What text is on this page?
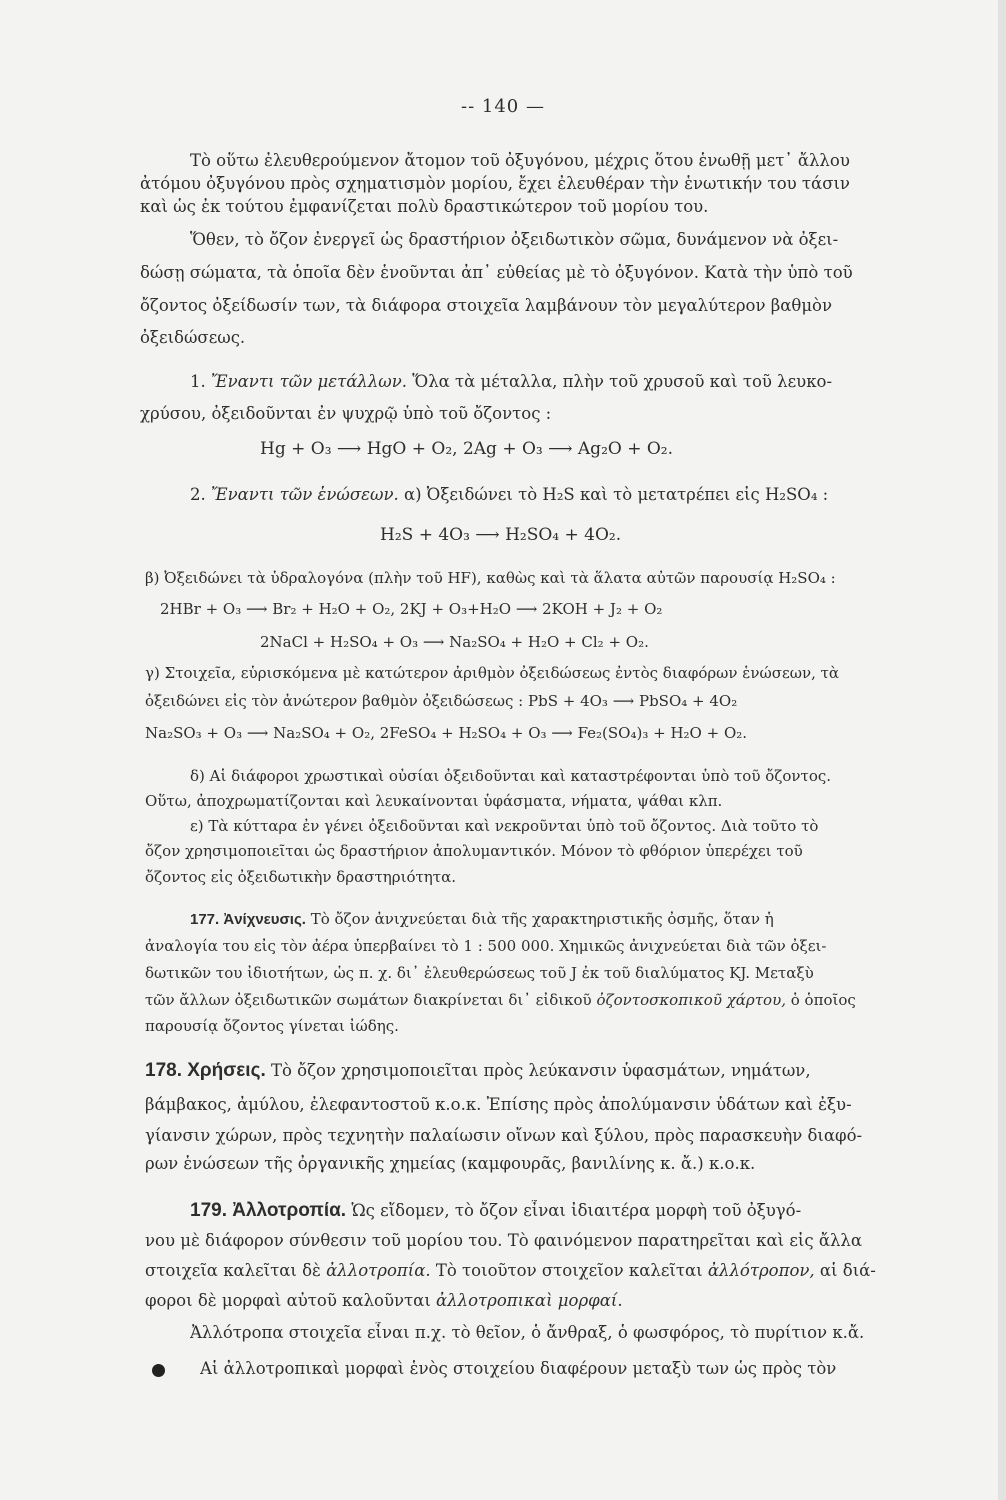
-- 140 —
Τὸ οὕτω ἐλευθερούμενον ἄτομον τοῦ ὀξυγόνου, μέχρις ὅτου ἑνωθῇ μετ᾽ ἄλλου
ἀτόμου ὀξυγόνου πρὸς σχηματισμὸν μορίου, ἔχει ἐλευθέραν τὴν ἑνωτικήν του τάσιν
καὶ ὡς ἐκ τούτου ἐμφανίζεται πολὺ δραστικώτερον τοῦ μορίου του.
Ὅθεν, τὸ ὄζον ἐνεργεῖ ὡς δραστήριον ὀξειδωτικὸν σῶμα, δυνάμενον νὰ ὀξει-
δώσῃ σώματα, τὰ ὁποῖα δὲν ἑνοῦνται ἀπ᾽ εὐθείας μὲ τὸ ὀξυγόνον. Κατὰ τὴν ὑπὸ τοῦ
ὄζοντος ὀξείδωσίν των, τὰ διάφορα στοιχεῖα λαμβάνουν τὸν μεγαλύτερον βαθμὸν
ὀξειδώσεως.
1. Ἔναντι τῶν μετάλλων. Ὅλα τὰ μέταλλα, πλὴν τοῦ χρυσοῦ καὶ τοῦ λευκο-
χρύσου, ὀξειδοῦνται ἐν ψυχρῷ ὑπὸ τοῦ ὄζοντος :
Hg + O₃ ⟶ HgO + O₂, 2Ag + O₃ ⟶ Ag₂O + O₂.
2. Ἔναντι τῶν ἑνώσεων. α) Ὀξειδώνει τὸ H₂S καὶ τὸ μετατρέπει εἰς H₂SO₄ :
H₂S + 4O₃ ⟶ H₂SO₄ + 4O₂.
β) Ὀξειδώνει τὰ ὑδραλογόνα (πλὴν τοῦ HF), καθὼς καὶ τὰ ἅλατα αὐτῶν παρουσίᾳ H₂SO₄ :
2HBr + O₃ ⟶ Br₂ + H₂O + O₂, 2KJ + O₃+H₂O ⟶ 2KOH + J₂ + O₂
2NaCl + H₂SO₄ + O₃ ⟶ Na₂SO₄ + H₂O + Cl₂ + O₂.
γ) Στοιχεῖα, εὑρισκόμενα μὲ κατώτερον ἀριθμὸν ὀξειδώσεως ἐντὸς διαφόρων ἑνώσεων, τὰ
ὀξειδώνει εἰς τὸν ἀνώτερον βαθμὸν ὀξειδώσεως : PbS + 4O₃ ⟶ PbSO₄ + 4O₂
Na₂SO₃ + O₃ ⟶ Na₂SO₄ + O₂, 2FeSO₄ + H₂SO₄ + O₃ ⟶ Fe₂(SO₄)₃ + H₂O + O₂.
δ) Αἱ διάφοροι χρωστικαὶ οὐσίαι ὀξειδοῦνται καὶ καταστρέφονται ὑπὸ τοῦ ὄζοντος.
Οὕτω, ἀποχρωματίζονται καὶ λευκαίνονται ὑφάσματα, νήματα, ψάθαι κλπ.
ε) Τὰ κύτταρα ἐν γένει ὀξειδοῦνται καὶ νεκροῦνται ὑπὸ τοῦ ὄζοντος. Διὰ τοῦτο τὸ
ὄζον χρησιμοποιεῖται ὡς δραστήριον ἀπολυμαντικόν. Μόνον τὸ φθόριον ὑπερέχει τοῦ
ὄζοντος εἰς ὀξειδωτικὴν δραστηριότητα.
177. Ἀνίχνευσις. Τὸ ὄζον ἀνιχνεύεται διὰ τῆς χαρακτηριστικῆς ὀσμῆς, ὅταν ἡ
ἀναλογία του εἰς τὸν ἀέρα ὑπερβαίνει τὸ 1 : 500 000. Χημικῶς ἀνιχνεύεται διὰ τῶν ὀξει-
δωτικῶν του ἰδιοτήτων, ὡς π. χ. δι᾽ ἐλευθερώσεως τοῦ J ἐκ τοῦ διαλύματος KJ. Μεταξὺ
τῶν ἄλλων ὀξειδωτικῶν σωμάτων διακρίνεται δι᾽ εἰδικοῦ ὀζοντοσκοπικοῦ χάρτου, ὁ ὁποῖος
παρουσίᾳ ὄζοντος γίνεται ἰώδης.
178. Χρήσεις. Τὸ ὄζον χρησιμοποιεῖται πρὸς λεύκανσιν ὑφασμάτων, νημάτων,
βάμβακος, ἀμύλου, ἐλεφαντοστοῦ κ.ο.κ. Ἐπίσης πρὸς ἀπολύμανσιν ὑδάτων καὶ ἐξυ-
γίανσιν χώρων, πρὸς τεχνητὴν παλαίωσιν οἴνων καὶ ξύλου, πρὸς παρασκευὴν διαφό-
ρων ἑνώσεων τῆς ὀργανικῆς χημείας (καμφουρᾶς, βανιλίνης κ. ἄ.) κ.ο.κ.
179. Ἀλλοτροπία. Ὡς εἴδομεν, τὸ ὄζον εἶναι ἰδιαιτέρα μορφὴ τοῦ ὀξυγό-
νου μὲ διάφορον σύνθεσιν τοῦ μορίου του. Τὸ φαινόμενον παρατηρεῖται καὶ εἰς ἄλλα
στοιχεῖα καλεῖται δὲ ἀλλοτροπία. Τὸ τοιοῦτον στοιχεῖον καλεῖται ἀλλότροπον, αἱ διά-
φοροι δὲ μορφαὶ αὐτοῦ καλοῦνται ἀλλοτροπικαὶ μορφαί.
Ἀλλότροπα στοιχεῖα εἶναι π.χ. τὸ θεῖον, ὁ ἄνθραξ, ὁ φωσφόρος, τὸ πυρίτιον κ.ἄ.
Αἱ ἀλλοτροπικαὶ μορφαὶ ἑνὸς στοιχείου διαφέρουν μεταξὺ των ὡς πρὸς τὸν
